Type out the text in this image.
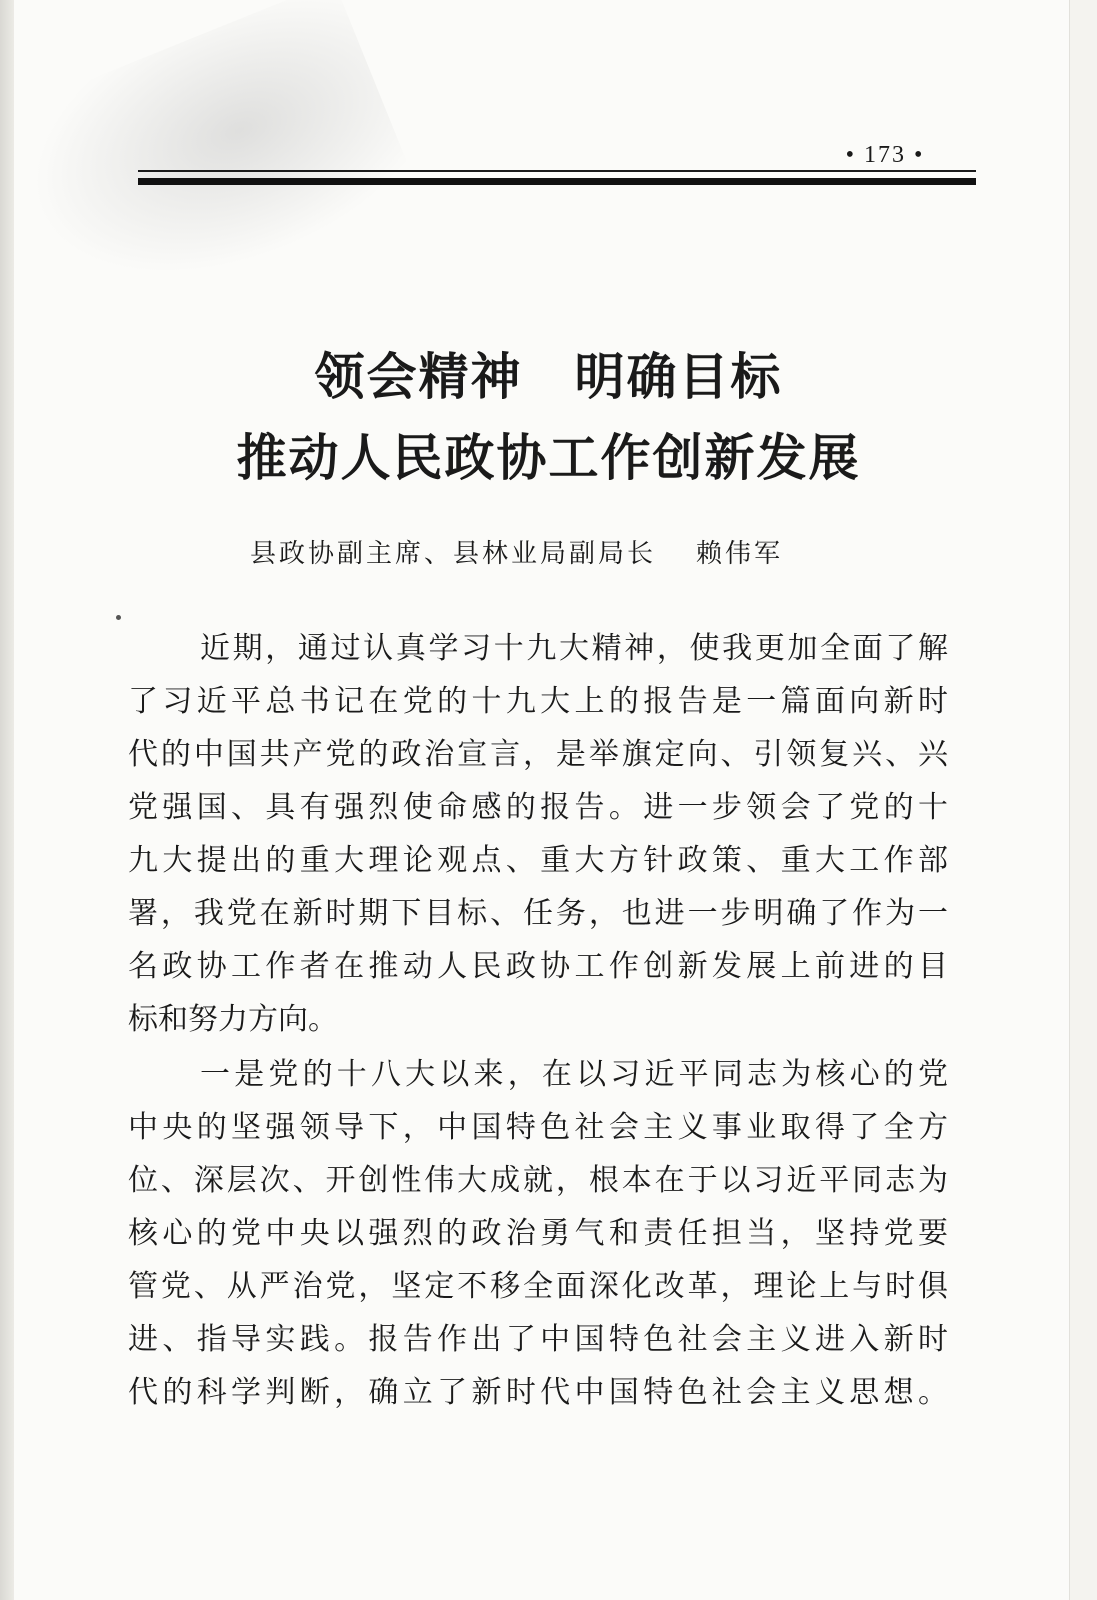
• 173 •
领会精神　明确目标
推动人民政协工作创新发展
县政协副主席、县林业局副局长 赖伟军
近期，通过认真学习十九大精神，使我更加全面了解
了习近平总书记在党的十九大上的报告是一篇面向新时
代的中国共产党的政治宣言，是举旗定向、引领复兴、兴
党强国、具有强烈使命感的报告。进一步领会了党的十
九大提出的重大理论观点、重大方针政策、重大工作部
署，我党在新时期下目标、任务，也进一步明确了作为一
名政协工作者在推动人民政协工作创新发展上前进的目
标和努力方向。
一是党的十八大以来，在以习近平同志为核心的党
中央的坚强领导下，中国特色社会主义事业取得了全方
位、深层次、开创性伟大成就，根本在于以习近平同志为
核心的党中央以强烈的政治勇气和责任担当，坚持党要
管党、从严治党，坚定不移全面深化改革，理论上与时俱
进、指导实践。报告作出了中国特色社会主义进入新时
代的科学判断，确立了新时代中国特色社会主义思想。
